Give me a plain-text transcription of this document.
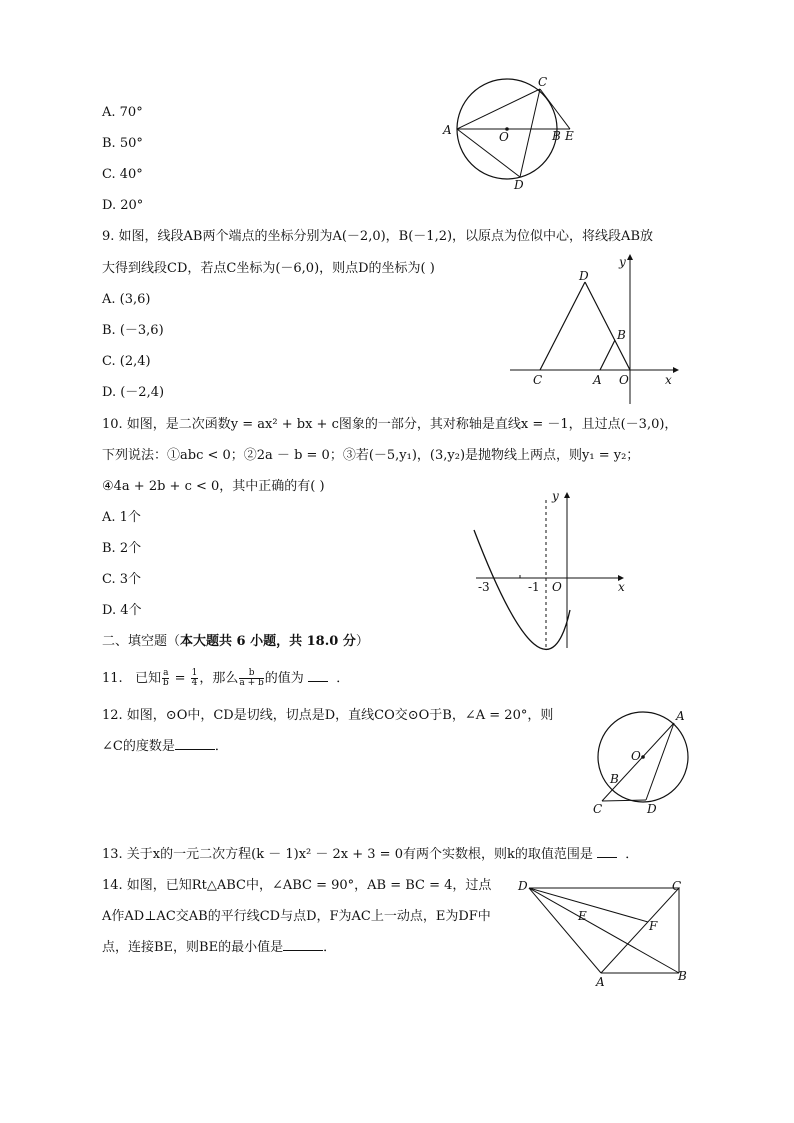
A. 70°
B. 50°
C. 40°
D. 20°
A	O	B E
C
D
9. 如图，线段AB两个端点的坐标分别为A(－2,0)，B(－1,2)，以原点为位似中心，将线段AB放
大得到线段CD，若点C坐标为(－6,0)，则点D的坐标为( )
A. (3,6)
B. (－3,6)
C. (2,4)
D. (－2,4)
D
B
C	A O	x
y
10. 如图，是二次函数y = ax² + bx + c图象的一部分，其对称轴是直线x = －1，且过点(－3,0)，
下列说法：①abc < 0；②2a － b = 0；③若(－5,y₁)，(3,y₂)是抛物线上两点，则y₁ = y₂；
④4a + 2b + c < 0，其中正确的有( )
A. 1个
B. 2个
C. 3个
D. 4个
-3	-1 O	x
y
二、填空题（本大题共 6 小题，共 18.0 分）
11. 已知 $\frac{a}{b} = \frac{1}{4}$ ，那么 $\frac{b}{a + b}$ 的值为 ．
12. 如图，⊙O中，CD是切线，切点是D，直线CO交⊙O于B，∠A = 20°，则
∠C的度数是	．
A
O
B
C	D
13. 关于x的一元二次方程(k － 1)x² － 2x + 3 = 0有两个实数根，则k的取值范围是 ．
14. 如图，已知Rt△ABC中，∠ABC = 90°，AB = BC = 4，过点
A作AD⊥AC交AB的平行线CD与点D，F为AC上一动点，E为DF中
点，连接BE，则BE的最小值是	．
D	C
E
F
A	B
